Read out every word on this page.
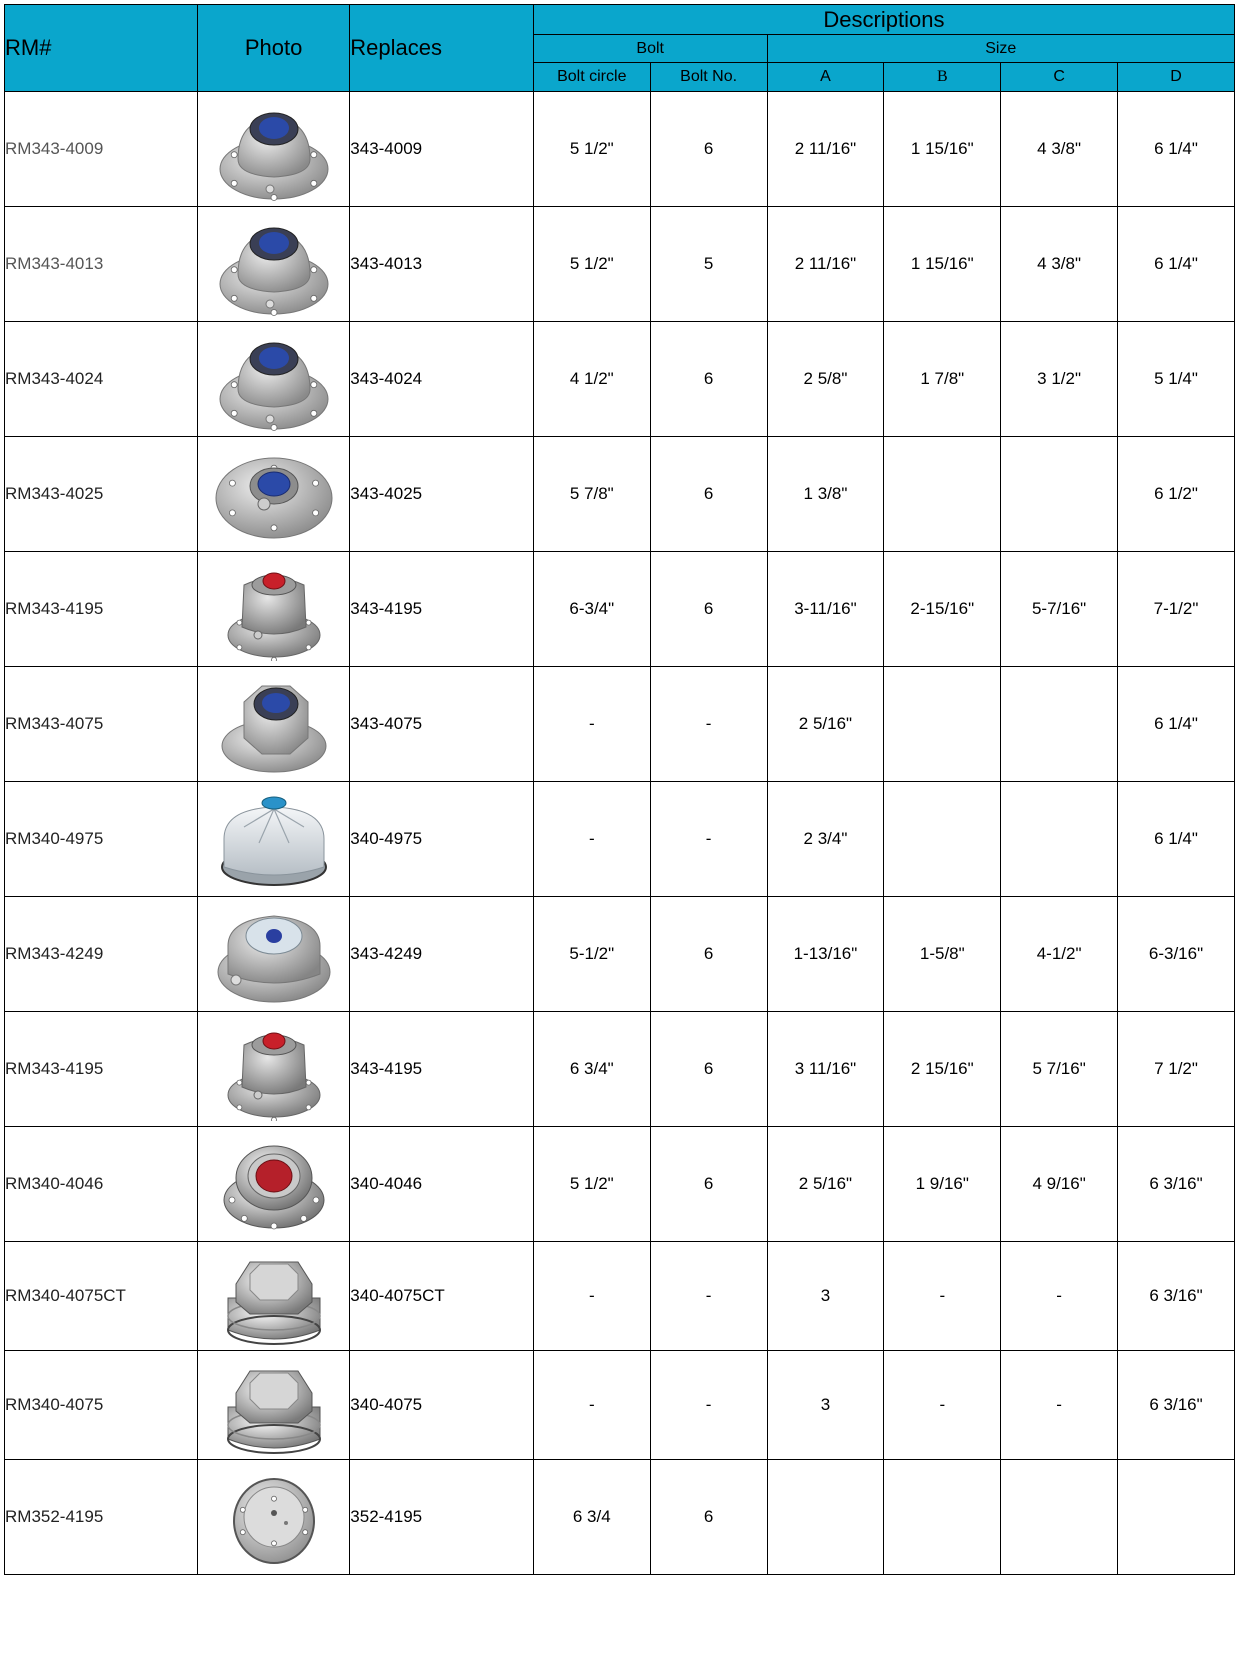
RM#	Photo	Replaces	Descriptions					
			Bolt		Size			
			Bolt circle	Bolt No.	A	B	C	D
RM343-4009		343-4009	5 1/2"	6	2 11/16"	1 15/16"	4 3/8"	6 1/4"
RM343-4013		343-4013	5 1/2"	5	2 11/16"	1 15/16"	4 3/8"	6 1/4"
RM343-4024		343-4024	4 1/2"	6	2 5/8"	1 7/8"	3 1/2"	5 1/4"
RM343-4025		343-4025	5 7/8"	6	1 3/8"			6 1/2"
RM343-4195		343-4195	6-3/4"	6	3-11/16"	2-15/16"	5-7/16"	7-1/2"
RM343-4075		343-4075	-	-	2 5/16"			6 1/4"
RM340-4975		340-4975	-	-	2 3/4"			6 1/4"
RM343-4249		343-4249	5-1/2"	6	1-13/16"	1-5/8"	4-1/2"	6-3/16"
RM343-4195		343-4195	6 3/4"	6	3 11/16"	2 15/16"	5 7/16"	7 1/2"
RM340-4046		340-4046	5 1/2"	6	2 5/16"	1 9/16"	4 9/16"	6 3/16"
RM340-4075CT		340-4075CT	-	-	3	-	-	6 3/16"
RM340-4075		340-4075	-	-	3	-	-	6 3/16"
RM352-4195		352-4195	6 3/4	6				
